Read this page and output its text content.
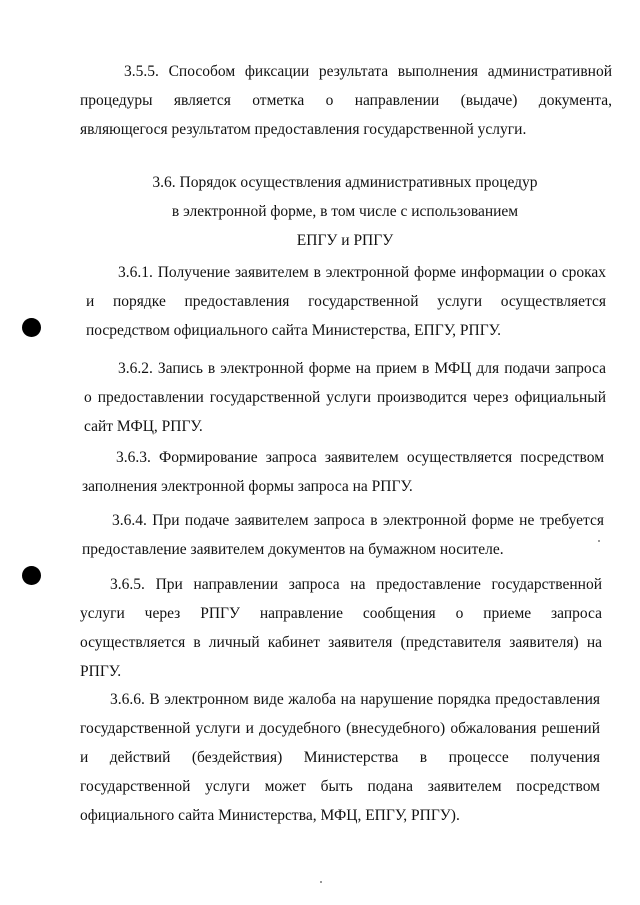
3.5.5. Способом фиксации результата выполнения административной
процедуры является отметка о направлении (выдаче) документа,
являющегося результатом предоставления государственной услуги.
3.6. Порядок осуществления административных процедур
в электронной форме, в том числе с использованием
ЕПГУ и РПГУ
3.6.1. Получение заявителем в электронной форме информации о сроках
и порядке предоставления государственной услуги осуществляется
посредством официального сайта Министерства, ЕПГУ, РПГУ.
3.6.2. Запись в электронной форме на прием в МФЦ для подачи запроса
о предоставлении государственной услуги производится через официальный
сайт МФЦ, РПГУ.
3.6.3. Формирование запроса заявителем осуществляется посредством
заполнения электронной формы запроса на РПГУ.
3.6.4. При подаче заявителем запроса в электронной форме не требуется
предоставление заявителем документов на бумажном носителе.
3.6.5. При направлении запроса на предоставление государственной
услуги через РПГУ направление сообщения о приеме запроса
осуществляется в личный кабинет заявителя (представителя заявителя) на
РПГУ.
3.6.6. В электронном виде жалоба на нарушение порядка предоставления
государственной услуги и досудебного (внесудебного) обжалования решений
и действий (бездействия) Министерства в процессе получения
государственной услуги может быть подана заявителем посредством
официального сайта Министерства, МФЦ, ЕПГУ, РПГУ).
